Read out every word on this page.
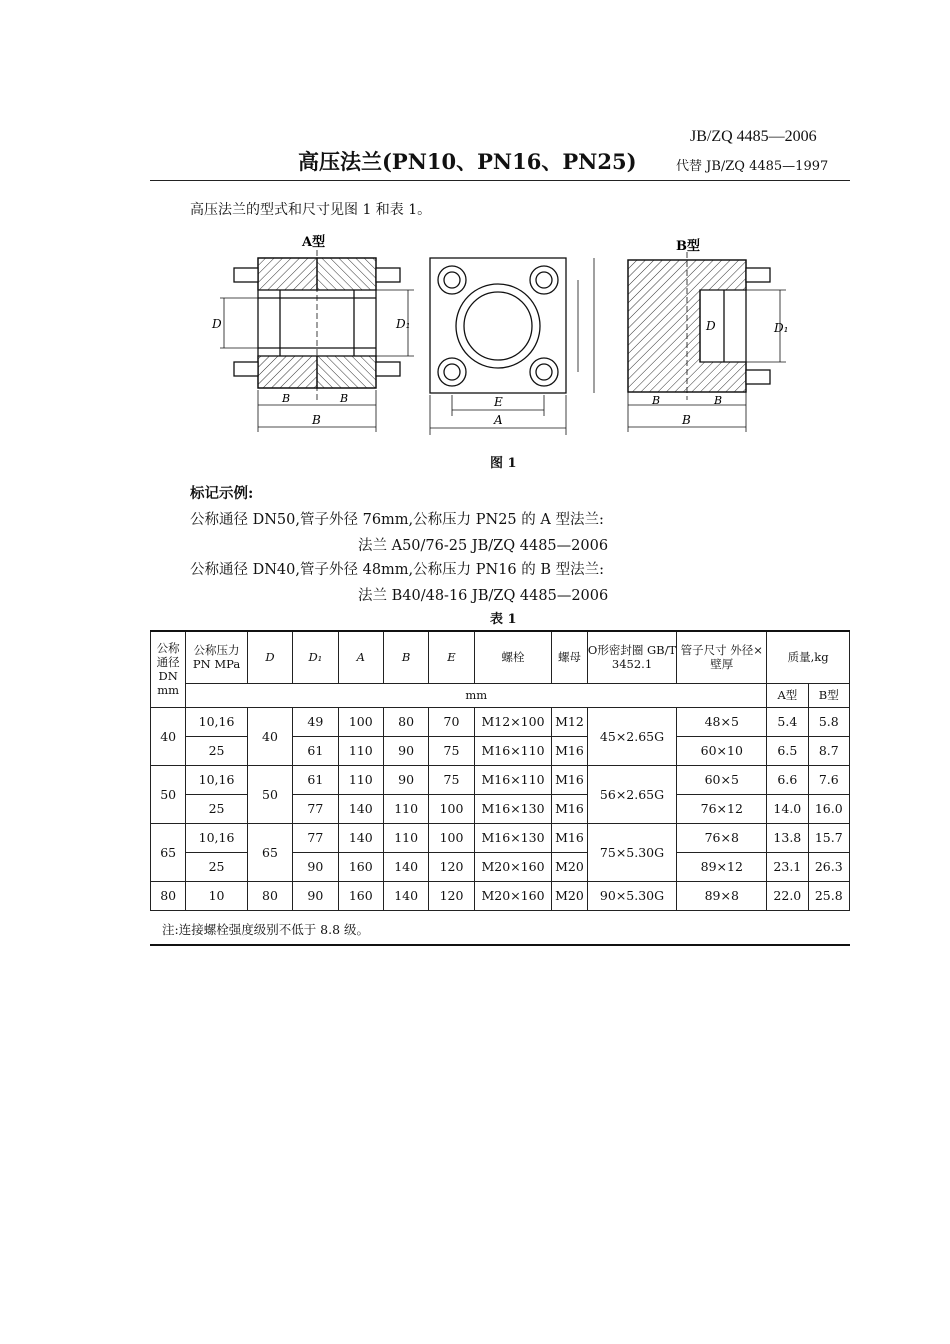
JB/ZQ 4485—2006
代替 JB/ZQ 4485—1997
高压法兰(PN10、PN16、PN25)
高压法兰的型式和尺寸见图 1 和表 1。
A型	B型
D	D₁
B	B
B
E
A
D	D₁
B	B
B
图 1
标记示例:
公称通径 DN50,管子外径 76mm,公称压力 PN25 的 A 型法兰:
法兰 A50/76-25 JB/ZQ 4485—2006
公称通径 DN40,管子外径 48mm,公称压力 PN16 的 B 型法兰:
法兰 B40/48-16 JB/ZQ 4485—2006
表 1
公称通径DN mm	公称压力PN MPa	D	D₁	A	B	E	螺栓	螺母	O形密封圈 GB/T 3452.1	管子尺寸 外径×壁厚	质量,kg	
	mm										A型	B型
40	10,16	40	49	100	80	70	M12×100	M12	45×2.65G	48×5	5.4	5.8
	25		61	110	90	75	M16×110	M16		60×10	6.5	8.7
50	10,16	50	61	110	90	75	M16×110	M16	56×2.65G	60×5	6.6	7.6
	25		77	140	110	100	M16×130	M16		76×12	14.0	16.0
65	10,16	65	77	140	110	100	M16×130	M16	75×5.30G	76×8	13.8	15.7
	25		90	160	140	120	M20×160	M20		89×12	23.1	26.3
80	10	80	90	160	140	120	M20×160	M20	90×5.30G	89×8	22.0	25.8
注:连接螺栓强度级别不低于 8.8 级。
